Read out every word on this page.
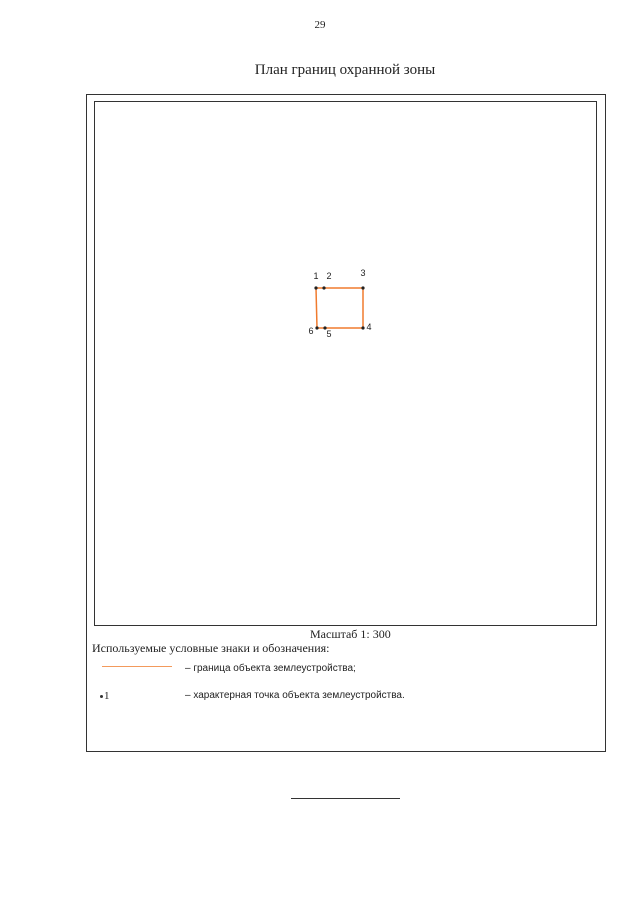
29
План границ охранной зоны
1 2	3
4
5
6
Масштаб 1: 300
Используемые условные знаки и обозначения:
– граница объекта землеустройства;
1	– характерная точка объекта землеустройства.
